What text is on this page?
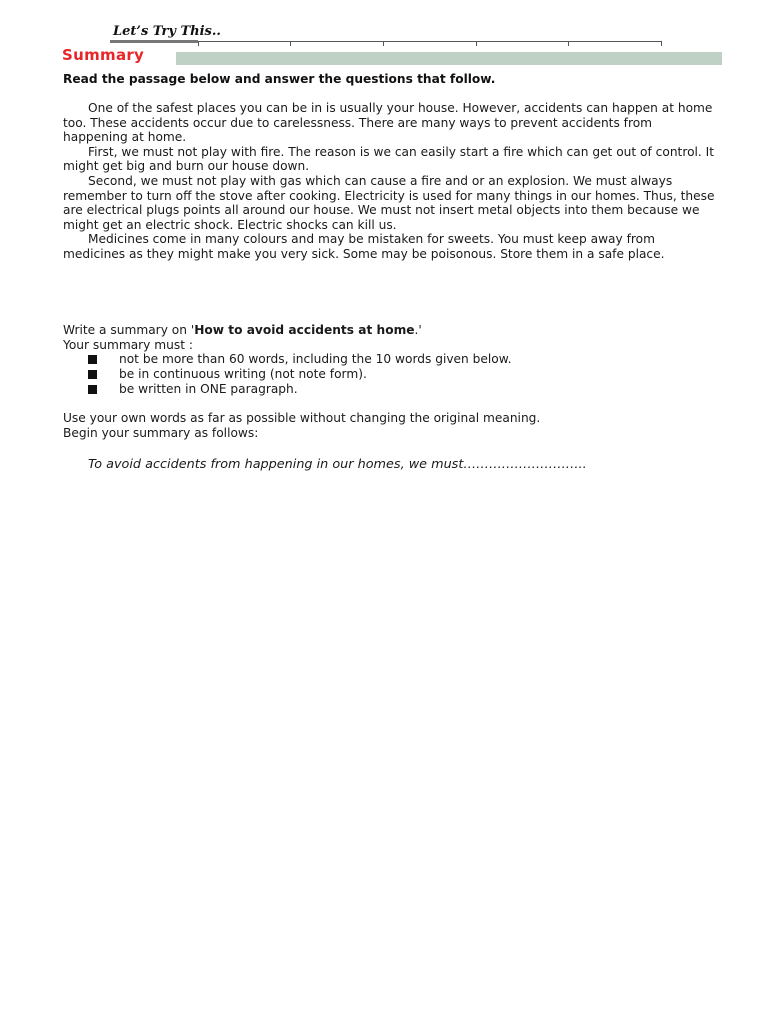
Let’s Try This..
Summary
Read the passage below and answer the questions that follow.

One of the safest places you can be in is usually your house. However, accidents can happen at home too. These accidents occur due to carelessness. There are many ways to prevent accidents from happening at home.

First, we must not play with fire. The reason is we can easily start a fire which can get out of control. It might get big and burn our house down.

Second, we must not play with gas which can cause a fire and or an explosion. We must always remember to turn off the stove after cooking. Electricity is used for many things in our homes. Thus, these are electrical plugs points all around our house. We must not insert metal objects into them because we might get an electric shock. Electric shocks can kill us.

Medicines come in many colours and may be mistaken for sweets. You must keep away from medicines as they might make you very sick. Some may be poisonous. Store them in a safe place.

Write a summary on 'How to avoid accidents at home.'
Your summary must :
not be more than 60 words, including the 10 words given below.
be in continuous writing (not note form).
be written in ONE paragraph.
Use your own words as far as possible without changing the original meaning.
Begin your summary as follows:
To avoid accidents from happening in our homes, we must………………………..
